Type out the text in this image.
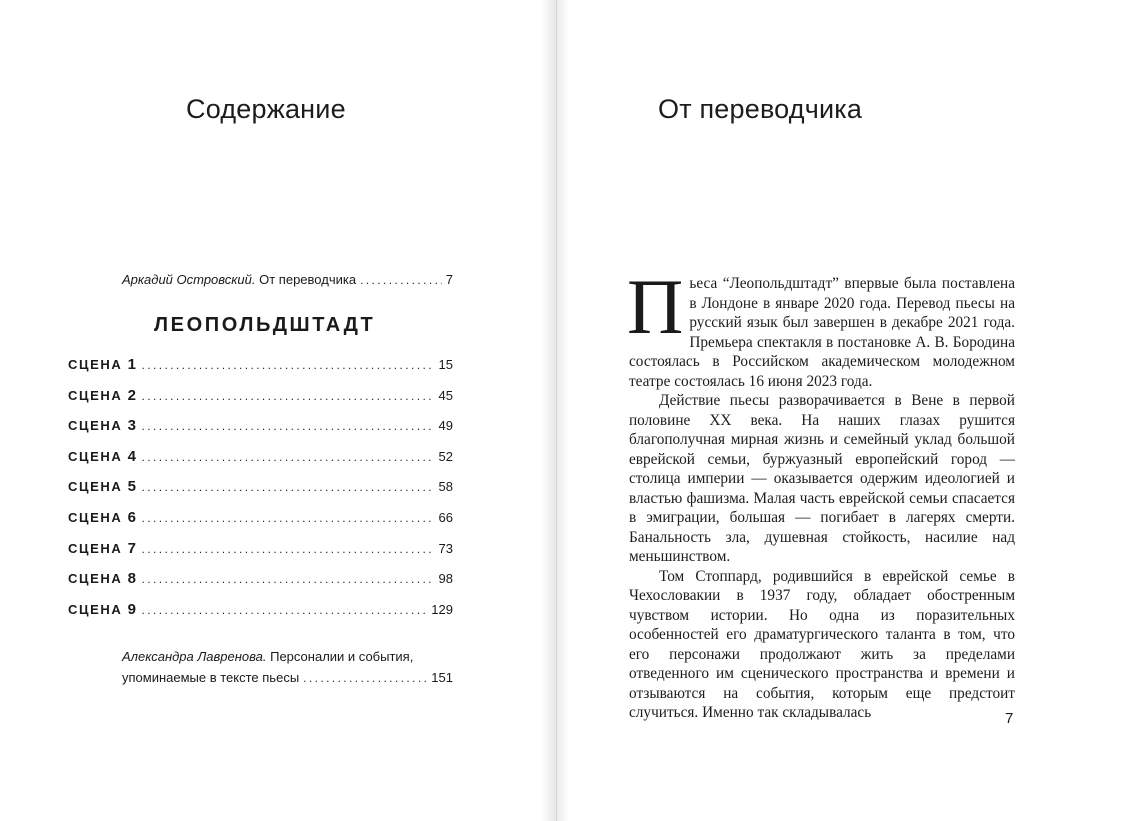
Содержание
Аркадий Островский.
От переводчика .....	7
ЛЕОПОЛЬДШТАДТ
СЦЕНА 1 .....	15
СЦЕНА 2 .....	45
СЦЕНА 3 .....	49
СЦЕНА 4 .....	52
СЦЕНА 5 .....	58
СЦЕНА 6 .....	66
СЦЕНА 7 .....	73
СЦЕНА 8 .....	98
СЦЕНА 9 .....	129
Александра Лавренова. Персоналии и события,
упоминаемые в тексте пьесы .....	151
От переводчика

Пьеса “Леопольдштадт” впервые была поставлена в Лондоне в январе 2020 года. Перевод пьесы на русский язык был завершен в декабре 2021 года. Премьера спектакля в постановке А. В. Бородина состоялась в Российском академическом молодежном театре состоялась 16 июня 2023 года.

Действие пьесы разворачивается в Вене в первой половине XX века. На наших глазах рушится благополучная мирная жизнь и семейный уклад большой еврейской семьи, буржуазный европейский город — столица империи — оказывается одержим идеологией и властью фашизма. Малая часть еврейской семьи спасается в эмиграции, большая — погибает в лагерях смерти. Банальность зла, душевная стойкость, насилие над меньшинством.

Том Стоппард, родившийся в еврейской семье в Чехословакии в 1937 году, обладает обостренным чувством истории. Но одна из поразительных особенностей его драматургического таланта в том, что его персонажи продолжают жить за пределами отведенного им сценического пространства и времени и отзываются на события, которым еще предстоит случиться. Именно так складывалась	7
